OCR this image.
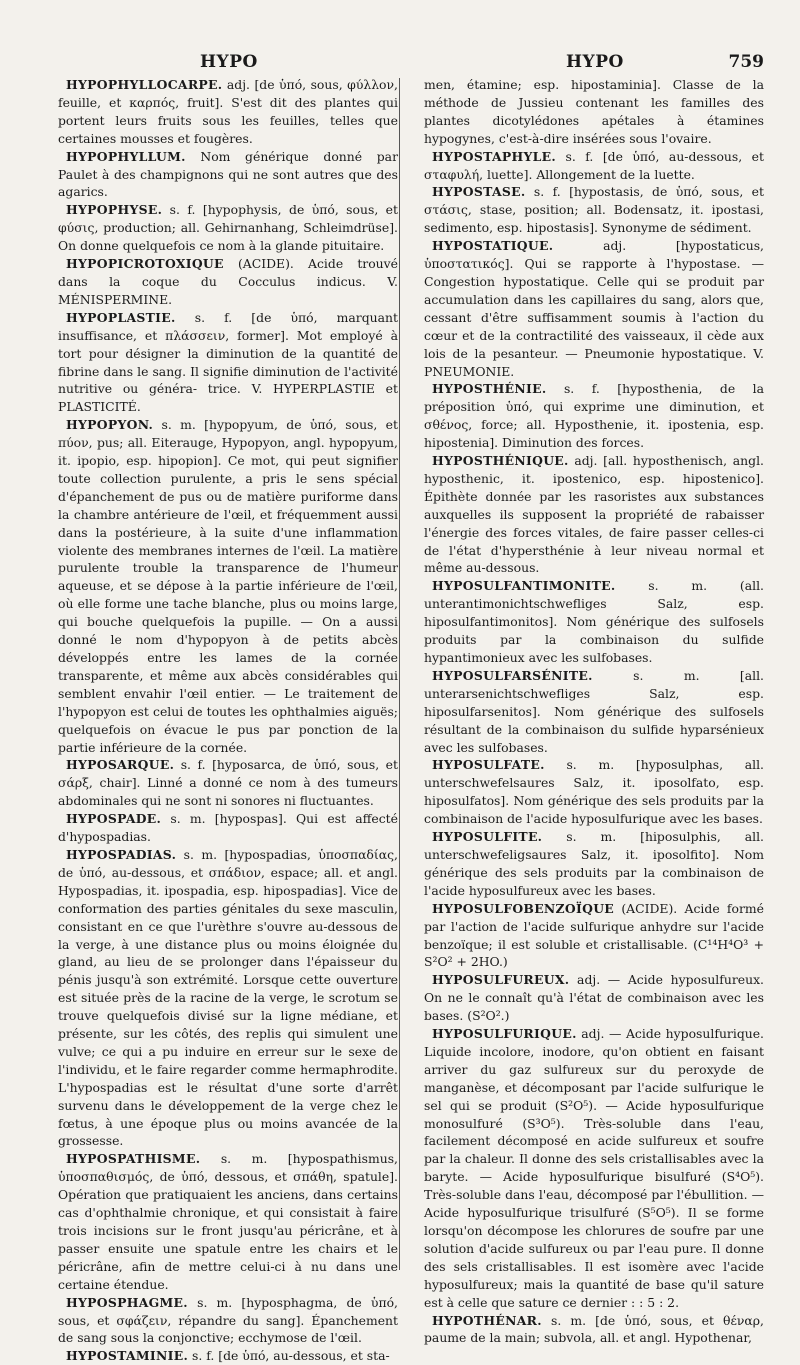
HYPO	HYPO	759

HYPOPHYLLOCARPE. adj. [de ὑπό, sous, φύλλον, feuille, et καρπός, fruit]. S'est dit des plantes qui portent leurs fruits sous les feuilles, telles que certaines mousses et fougères.

HYPOPHYLLUM. Nom générique donné par Paulet à des champignons qui ne sont autres que des agarics.

HYPOPHYSE. s. f. [hypophysis, de ὑπό, sous, et φύσις, production; all. Gehirnanhang, Schleimdrüse]. On donne quelquefois ce nom à la glande pituitaire.

HYPOPICROTOXIQUE (ACIDE). Acide trouvé dans la coque du Cocculus indicus. V. MÉNISPERMINE.

HYPOPLASTIE. s. f. [de ὑπό, marquant insuffisance, et πλάσσειν, former]. Mot employé à tort pour désigner la diminution de la quantité de fibrine dans le sang. Il signifie diminution de l'activité nutritive ou généra- trice. V. HYPERPLASTIE et PLASTICITÉ.

HYPOPYON. s. m. [hypopyum, de ὑπό, sous, et πύον, pus; all. Eiterauge, Hypopyon, angl. hypopyum, it. ipopio, esp. hipopion]. Ce mot, qui peut signifier toute collection purulente, a pris le sens spécial d'épanchement de pus ou de matière puriforme dans la chambre antérieure de l'œil, et fréquemment aussi dans la postérieure, à la suite d'une inflammation violente des membranes internes de l'œil. La matière purulente trouble la transparence de l'humeur aqueuse, et se dépose à la partie inférieure de l'œil, où elle forme une tache blanche, plus ou moins large, qui bouche quelquefois la pupille. — On a aussi donné le nom d'hypopyon à de petits abcès développés entre les lames de la cornée transparente, et même aux abcès considérables qui semblent envahir l'œil entier. — Le traitement de l'hypopyon est celui de toutes les ophthalmies aiguës; quelquefois on évacue le pus par ponction de la partie inférieure de la cornée.

HYPOSARQUE. s. f. [hyposarca, de ὑπό, sous, et σάρξ, chair]. Linné a donné ce nom à des tumeurs abdominales qui ne sont ni sonores ni fluctuantes.

HYPOSPADE. s. m. [hypospas]. Qui est affecté d'hypospadias.

HYPOSPADIAS. s. m. [hypospadias, ὑποσπαδίας, de ὑπό, au-dessous, et σπάδιον, espace; all. et angl. Hypospadias, it. ipospadia, esp. hipospadias]. Vice de conformation des parties génitales du sexe masculin, consistant en ce que l'urèthre s'ouvre au-dessous de la verge, à une distance plus ou moins éloignée du gland, au lieu de se prolonger dans l'épaisseur du pénis jusqu'à son extrémité. Lorsque cette ouverture est située près de la racine de la verge, le scrotum se trouve quelquefois divisé sur la ligne médiane, et présente, sur les côtés, des replis qui simulent une vulve; ce qui a pu induire en erreur sur le sexe de l'individu, et le faire regarder comme hermaphrodite. L'hypospadias est le résultat d'une sorte d'arrêt survenu dans le développement de la verge chez le fœtus, à une époque plus ou moins avancée de la grossesse.

HYPOSPATHISME. s. m. [hypospathismus, ὑποσπαθισμός, de ὑπό, dessous, et σπάθη, spatule]. Opération que pratiquaient les anciens, dans certains cas d'ophthalmie chronique, et qui consistait à faire trois incisions sur le front jusqu'au péricrâne, et à passer ensuite une spatule entre les chairs et le péricrâne, afin de mettre celui-ci à nu dans une certaine étendue.

HYPOSPHAGME. s. m. [hyposphagma, de ὑπό, sous, et σφάζειν, répandre du sang]. Épanchement de sang sous la conjonctive; ecchymose de l'œil.

HYPOSTAMINIE. s. f. [de ὑπό, au-dessous, et sta-

men, étamine; esp. hipostaminia]. Classe de la méthode de Jussieu contenant les familles des plantes dicotylédones apétales à étamines hypogynes, c'est-à-dire insérées sous l'ovaire.

HYPOSTAPHYLE. s. f. [de ὑπό, au-dessous, et σταφυλή, luette]. Allongement de la luette.

HYPOSTASE. s. f. [hypostasis, de ὑπό, sous, et στάσις, stase, position; all. Bodensatz, it. ipostasi, sedimento, esp. hipostasis]. Synonyme de sédiment.

HYPOSTATIQUE. adj. [hypostaticus, ὑποστατικός]. Qui se rapporte à l'hypostase. — Congestion hypostatique. Celle qui se produit par accumulation dans les capillaires du sang, alors que, cessant d'être suffisamment soumis à l'action du cœur et de la contractilité des vaisseaux, il cède aux lois de la pesanteur. — Pneumonie hypostatique. V. PNEUMONIE.

HYPOSTHÉNIE. s. f. [hyposthenia, de la préposition ὑπό, qui exprime une diminution, et σθένος, force; all. Hyposthenie, it. ipostenia, esp. hipostenia]. Diminution des forces.

HYPOSTHÉNIQUE. adj. [all. hyposthenisch, angl. hyposthenic, it. ipostenico, esp. hipostenico]. Épithète donnée par les rasoristes aux substances auxquelles ils supposent la propriété de rabaisser l'énergie des forces vitales, de faire passer celles-ci de l'état d'hypersthénie à leur niveau normal et même au-dessous.

HYPOSULFANTIMONITE. s. m. (all. unterantimonichtschwefliges Salz, esp. hiposulfantimonitos]. Nom générique des sulfosels produits par la combinaison du sulfide hypantimonieux avec les sulfobases.

HYPOSULFARSÉNITE. s. m. [all. unterarsenichtschwefliges Salz, esp. hiposulfarsenitos]. Nom générique des sulfosels résultant de la combinaison du sulfide hyparsénieux avec les sulfobases.

HYPOSULFATE. s. m. [hyposulphas, all. unterschwefelsaures Salz, it. iposolfato, esp. hiposulfatos]. Nom générique des sels produits par la combinaison de l'acide hyposulfurique avec les bases.

HYPOSULFITE. s. m. [hiposulphis, all. unterschwefeligsaures Salz, it. iposolfito]. Nom générique des sels produits par la combinaison de l'acide hyposulfureux avec les bases.

HYPOSULFOBENZOÏQUE (ACIDE). Acide formé par l'action de l'acide sulfurique anhydre sur l'acide benzoïque; il est soluble et cristallisable. (C¹⁴H⁴O³ + S²O² + 2HO.)

HYPOSULFUREUX. adj. — Acide hyposulfureux. On ne le connaît qu'à l'état de combinaison avec les bases. (S²O².)

HYPOSULFURIQUE. adj. — Acide hyposulfurique. Liquide incolore, inodore, qu'on obtient en faisant arriver du gaz sulfureux sur du peroxyde de manganèse, et décomposant par l'acide sulfurique le sel qui se produit (S²O⁵). — Acide hyposulfurique monosulfuré (S³O⁵). Très-soluble dans l'eau, facilement décomposé en acide sulfureux et soufre par la chaleur. Il donne des sels cristallisables avec la baryte. — Acide hyposulfurique bisulfuré (S⁴O⁵). Très-soluble dans l'eau, décomposé par l'ébullition. — Acide hyposulfurique trisulfuré (S⁵O⁵). Il se forme lorsqu'on décompose les chlorures de soufre par une solution d'acide sulfureux ou par l'eau pure. Il donne des sels cristallisables. Il est isomère avec l'acide hyposulfureux; mais la quantité de base qu'il sature est à celle que sature ce dernier : : 5 : 2.

HYPOTHÉNAR. s. m. [de ὑπό, sous, et θέναρ, paume de la main; subvola, all. et angl. Hypothenar,
